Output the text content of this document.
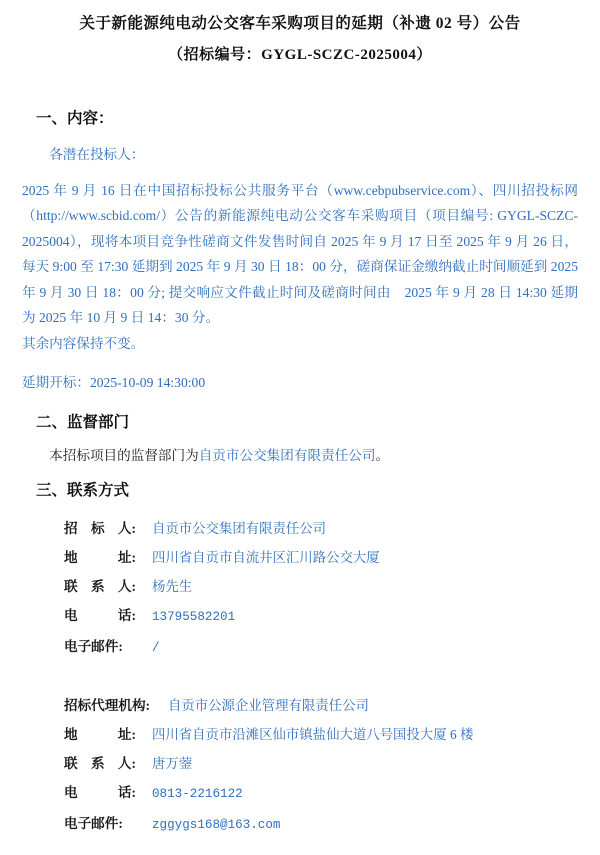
关于新能源纯电动公交客车采购项目的延期（补遗 02 号）公告
（招标编号：GYGL-SCZC-2025004）
一、内容：
各潜在投标人：
2025 年 9 月 16 日在中国招标投标公共服务平台（www.cebpubservice.com）、四川招投标网（http://www.scbid.com/）公告的新能源纯电动公交客车采购项目（项目编号: GYGL-SCZC-2025004），现将本项目竞争性磋商文件发售时间自 2025 年 9 月 17 日至 2025 年 9 月 26 日，每天 9:00 至 17:30 延期到 2025 年 9 月 30 日 18：00 分，磋商保证金缴纳截止时间顺延到 2025 年 9 月 30 日 18：00 分; 提交响应文件截止时间及磋商时间由　2025 年 9 月 28 日 14:30 延期为 2025 年 10 月 9 日 14：30 分。
其余内容保持不变。
延期开标：2025-10-09 14:30:00
二、监督部门
本招标项目的监督部门为自贡市公交集团有限责任公司。
三、联系方式
招 标 人: 自贡市公交集团有限责任公司
地	址: 四川省自贡市自流井区汇川路公交大厦
联 系 人: 杨先生
电	话: 13795582201
电子邮件:	/
招标代理机构:	自贡市公源企业管理有限责任公司
地	址: 四川省自贡市沿滩区仙市镇盐仙大道八号国投大厦 6 楼
联 系 人: 唐万蓥
电	话: 0813-2216122
电子邮件:	zggygs168@163.com
